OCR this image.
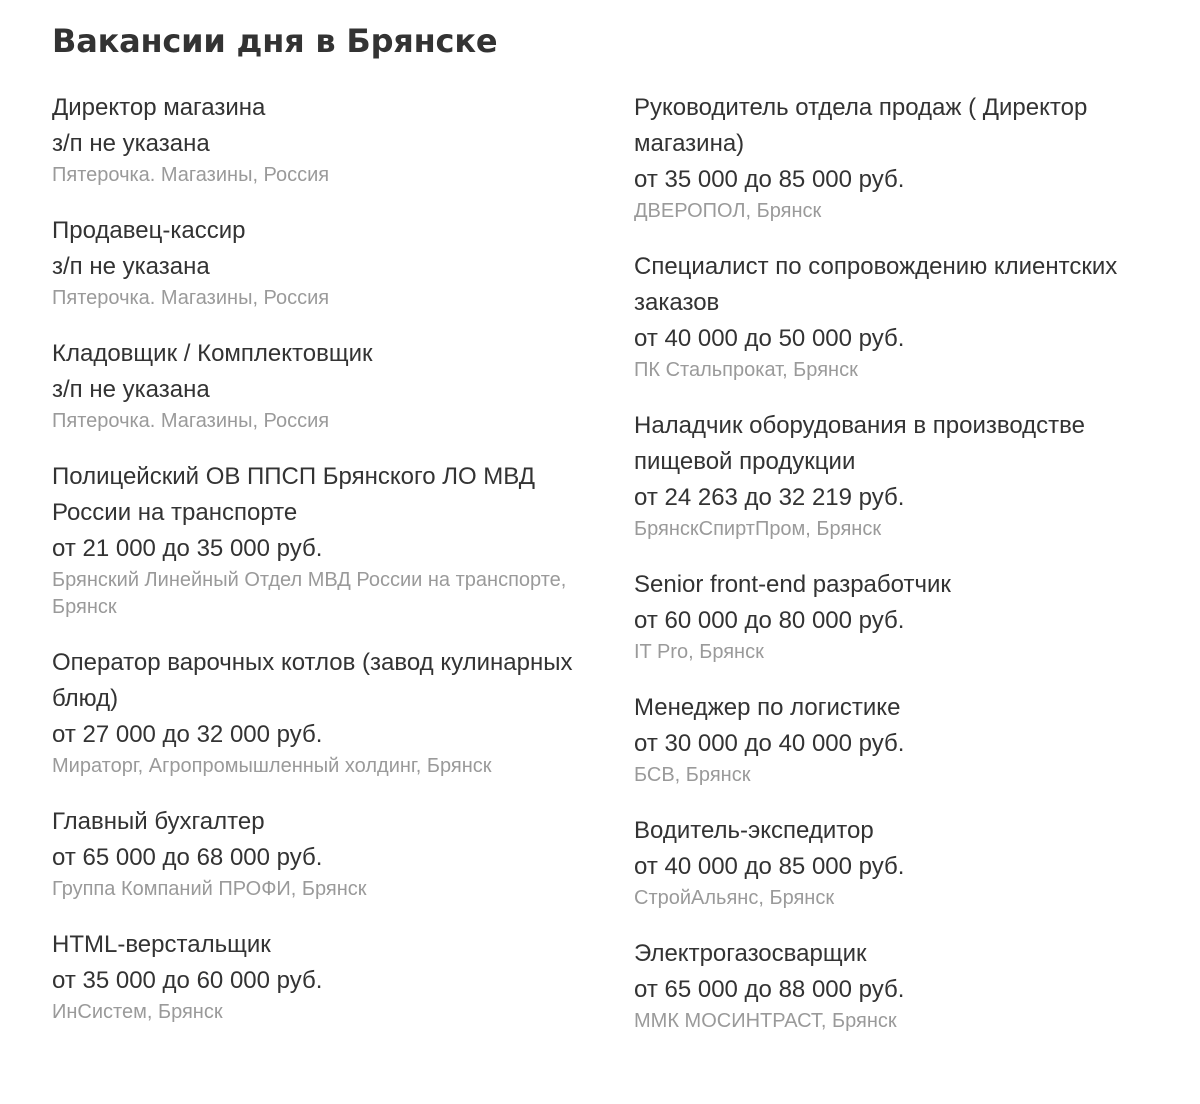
Вакансии дня в Брянске
Директор магазина
з/п не указана
Пятерочка. Магазины, Россия
Продавец-кассир
з/п не указана
Пятерочка. Магазины, Россия
Кладовщик / Комплектовщик
з/п не указана
Пятерочка. Магазины, Россия
Полицейский ОВ ППСП Брянского ЛО МВД России на транспорте
от 21 000 до 35 000 руб.
Брянский Линейный Отдел МВД России на транспорте, Брянск
Оператор варочных котлов (завод кулинарных блюд)
от 27 000 до 32 000 руб.
Мираторг, Агропромышленный холдинг, Брянск
Главный бухгалтер
от 65 000 до 68 000 руб.
Группа Компаний ПРОФИ, Брянск
HTML-верстальщик
от 35 000 до 60 000 руб.
ИнСистем, Брянск
Руководитель отдела продаж ( Директор магазина)
от 35 000 до 85 000 руб.
ДВЕРОПОЛ, Брянск
Специалист по сопровождению клиентских заказов
от 40 000 до 50 000 руб.
ПК Стальпрокат, Брянск
Наладчик оборудования в производстве пищевой продукции
от 24 263 до 32 219 руб.
БрянскСпиртПром, Брянск
Senior front-end разработчик
от 60 000 до 80 000 руб.
IT Pro, Брянск
Менеджер по логистике
от 30 000 до 40 000 руб.
БСВ, Брянск
Водитель-экспедитор
от 40 000 до 85 000 руб.
СтройАльянс, Брянск
Электрогазосварщик
от 65 000 до 88 000 руб.
ММК МОСИНТРАСТ, Брянск
